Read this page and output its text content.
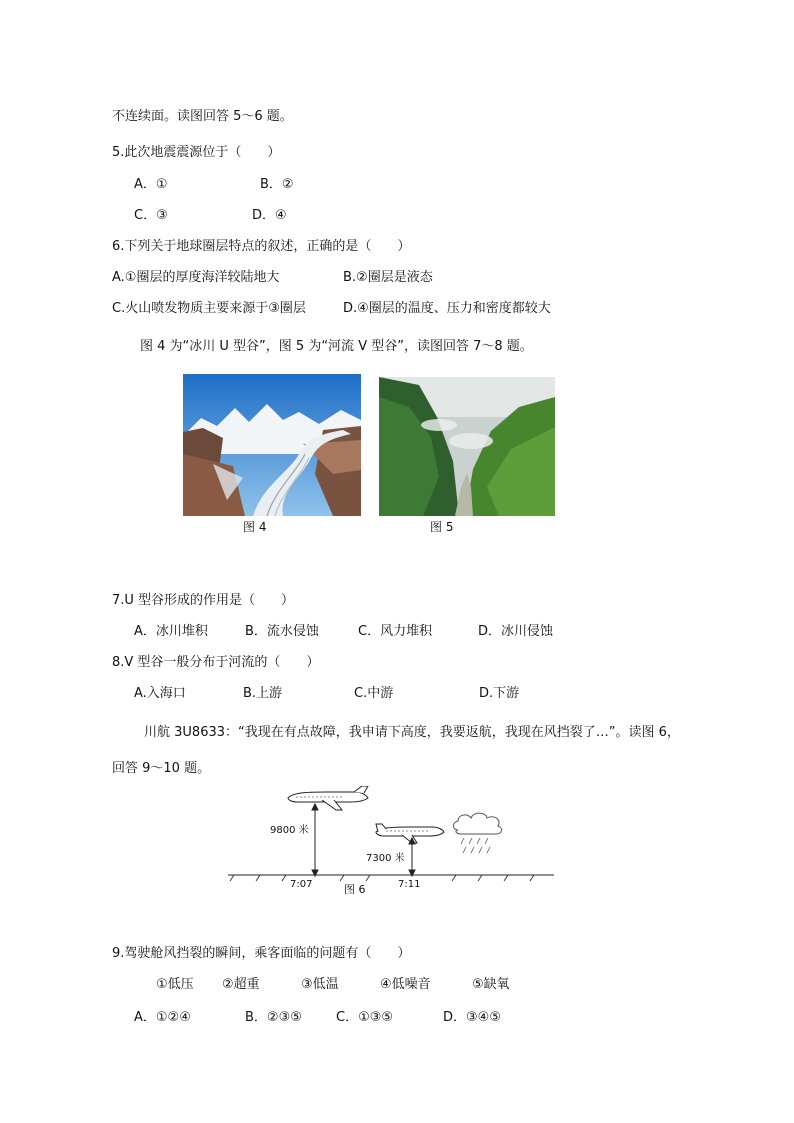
不连续面。读图回答 5～6 题。
5.此次地震震源位于（　　）
A．①	B．②
C．③	D．④
6.下列关于地球圈层特点的叙述，正确的是（　　）
A.①圈层的厚度海洋较陆地大	B.②圈层是液态
C.火山喷发物质主要来源于③圈层	D.④圈层的温度、压力和密度都较大
图 4 为“冰川 U 型谷”，图 5 为“河流 V 型谷”，读图回答 7～8 题。
图 4	图 5
7.U 型谷形成的作用是（　　）
A．冰川堆积	B．流水侵蚀	C．风力堆积	D．冰川侵蚀
8.V 型谷一般分布于河流的（　　）
A.入海口	B.上游	C.中游	D.下游
川航 3U8633：“我现在有点故障，我申请下高度，我要返航，我现在风挡裂了…”。读图 6，
回答 9～10 题。
9800 米
7300 米
7:07	7:11
图 6
9.驾驶舱风挡裂的瞬间，乘客面临的问题有（　　）
①低压 ②超重	③低温	④低噪音	⑤缺氧
A．①②④	B．②③⑤	C．①③⑤	D．③④⑤
